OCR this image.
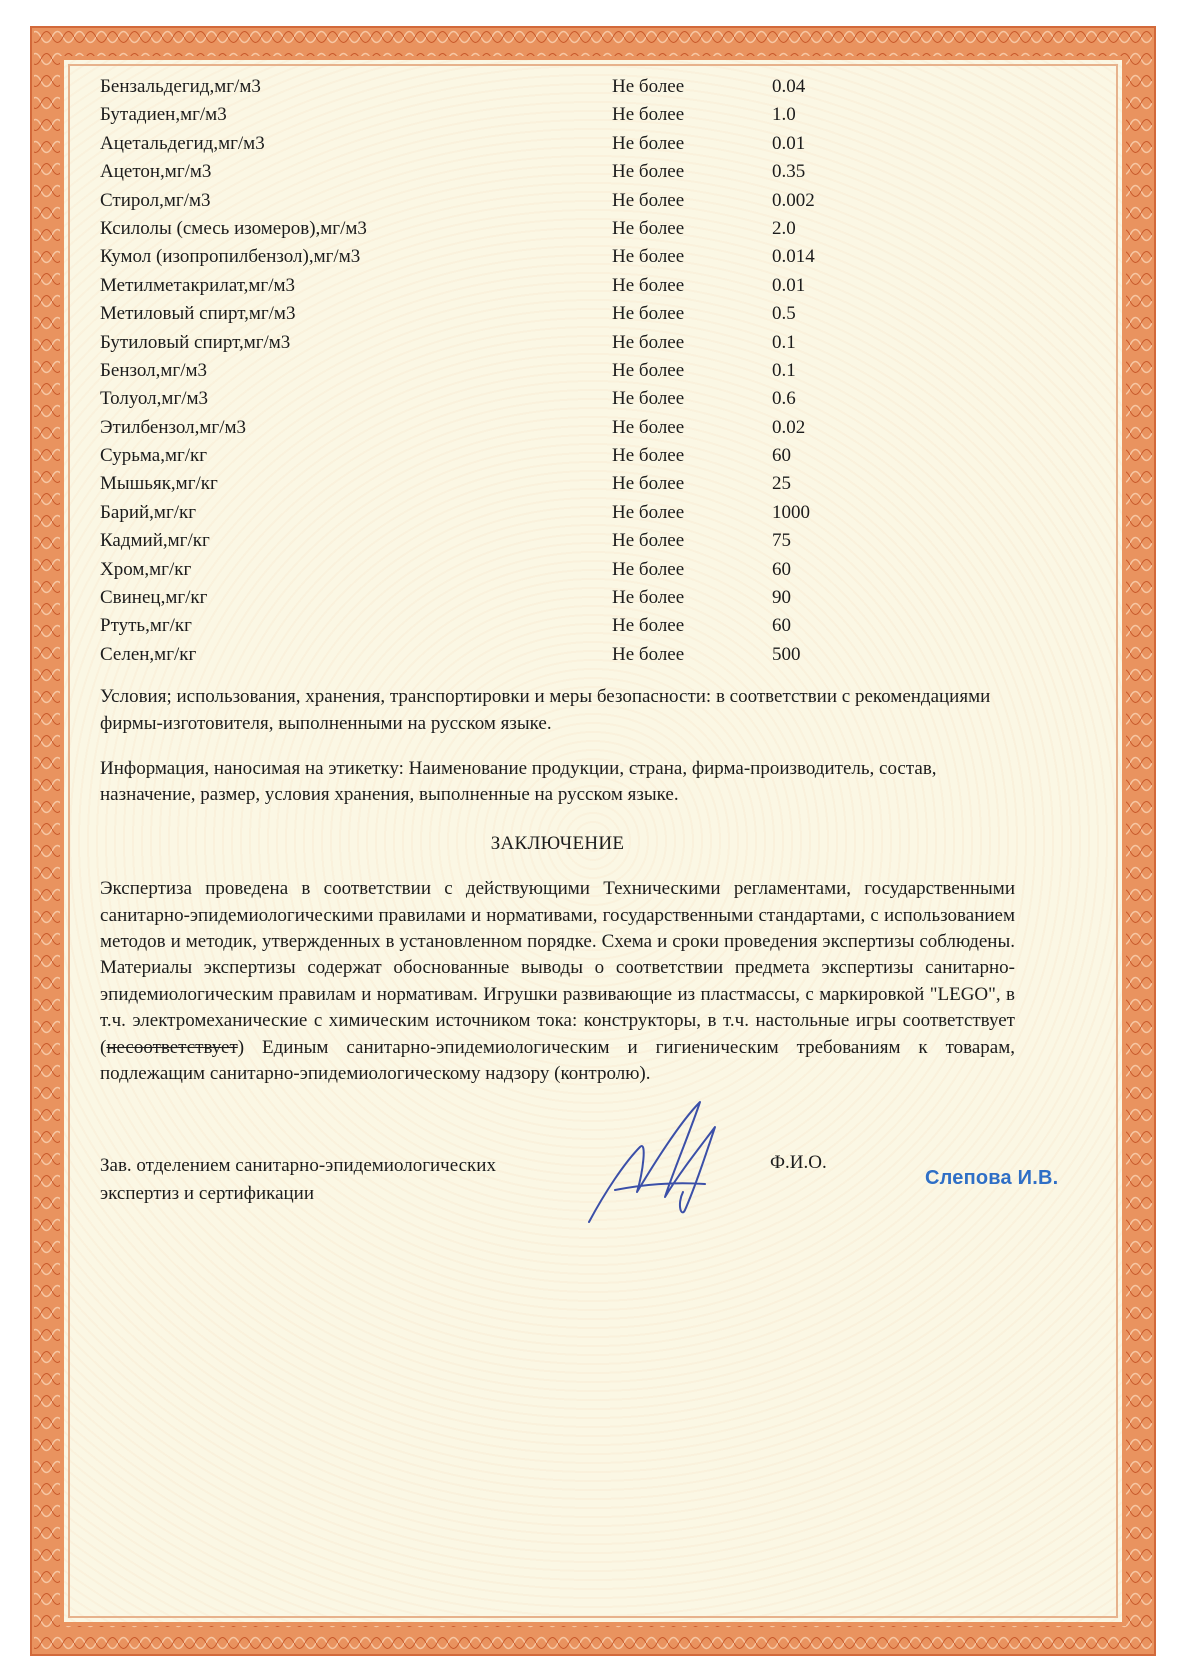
Бензальдегид,мг/м3	Не более	0.04
Бутадиен,мг/м3	Не более	1.0
Ацетальдегид,мг/м3	Не более	0.01
Ацетон,мг/м3	Не более	0.35
Стирол,мг/м3	Не более	0.002
Ксилолы (смесь изомеров),мг/м3	Не более	2.0
Кумол (изопропилбензол),мг/м3	Не более	0.014
Метилметакрилат,мг/м3	Не более	0.01
Метиловый спирт,мг/м3	Не более	0.5
Бутиловый спирт,мг/м3	Не более	0.1
Бензол,мг/м3	Не более	0.1
Толуол,мг/м3	Не более	0.6
Этилбензол,мг/м3	Не более	0.02
Сурьма,мг/кг	Не более	60
Мышьяк,мг/кг	Не более	25
Барий,мг/кг	Не более	1000
Кадмий,мг/кг	Не более	75
Хром,мг/кг	Не более	60
Свинец,мг/кг	Не более	90
Ртуть,мг/кг	Не более	60
Селен,мг/кг	Не более	500

Условия; использования, хранения, транспортировки и меры безопасности: в соответствии с рекомендациями фирмы-изготовителя, выполненными на русском языке.

Информация, наносимая на этикетку: Наименование продукции, страна, фирма-производитель, состав, назначение, размер, условия хранения, выполненные на русском языке.

ЗАКЛЮЧЕНИЕ

Экспертиза проведена в соответствии с действующими Техническими регламентами, государственными санитарно-эпидемиологическими правилами и нормативами, государственными стандартами, с использованием методов и методик, утвержденных в установленном порядке. Схема и сроки проведения экспертизы соблюдены. Материалы экспертизы содержат обоснованные выводы о соответствии предмета экспертизы санитарно-эпидемиологическим правилам и нормативам. Игрушки развивающие из пластмассы, с маркировкой "LEGO", в т.ч. электромеханические с химическим источником тока: конструкторы, в т.ч. настольные игры соответствует (несоответствует) Единым санитарно-эпидемиологическим и гигиеническим требованиям к товарам, подлежащим санитарно-эпидемиологическому надзору (контролю).

Зав. отделением санитарно-эпидемиологических
экспертиз и сертификации
Ф.И.О.
Слепова И.В.
